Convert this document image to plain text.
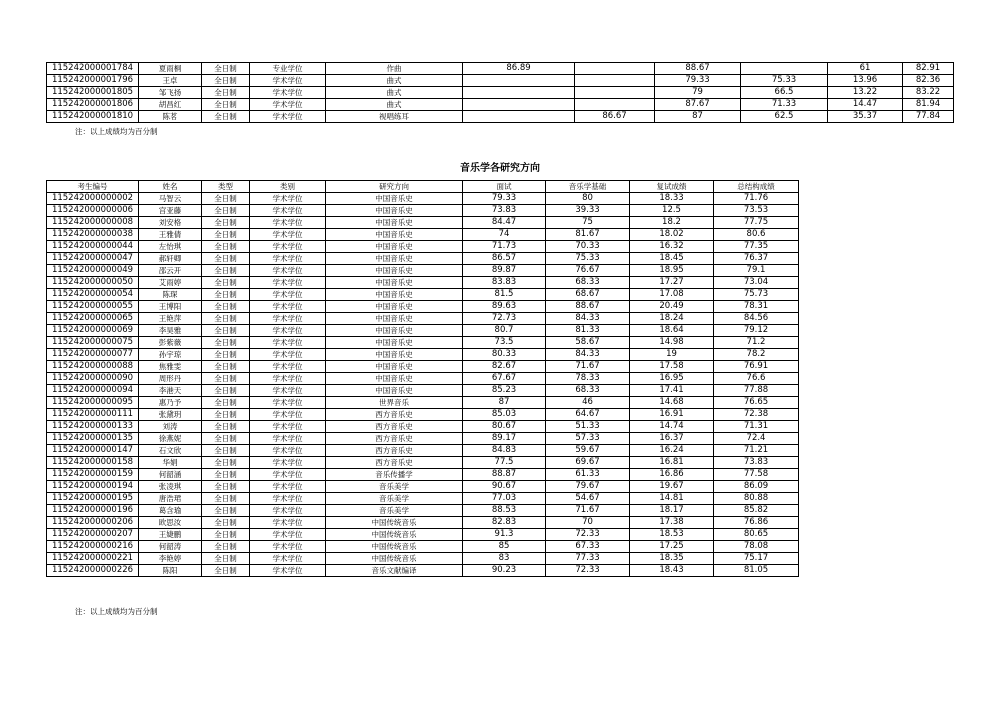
115242000001784	夏雨桐	全日制	专业学位	作曲	86.89		88.67		61	82.91
115242000001796	王卓	全日制	学术学位	曲式			79.33	75.33	13.96	82.36
115242000001805	邹飞扬	全日制	学术学位	曲式			79	66.5	13.22	83.22
115242000001806	胡昌红	全日制	学术学位	曲式			87.67	71.33	14.47	81.94
115242000001810	陈茗	全日制	学术学位	视唱练耳		86.67	87	62.5	35.37	77.84
注：以上成绩均为百分制
音乐学各研究方向
考生编号	姓名	类型	类别	研究方向	面试	音乐学基础	复试成绩	总结构成绩
115242000000002	马智云	全日制	学术学位	中国音乐史	79.33	80	18.33	71.76
115242000000006	宫亚藤	全日制	学术学位	中国音乐史	73.83	39.33	12.5	73.53
115242000000008	刘安格	全日制	学术学位	中国音乐史	84.47	75	18.2	77.75
115242000000038	王雅倩	全日制	学术学位	中国音乐史	74	81.67	18.02	80.6
115242000000044	左怡琪	全日制	学术学位	中国音乐史	71.73	70.33	16.32	77.35
115242000000047	郝轩卿	全日制	学术学位	中国音乐史	86.57	75.33	18.45	76.37
115242000000049	邵云开	全日制	学术学位	中国音乐史	89.87	76.67	18.95	79.1
115242000000050	艾雨婷	全日制	学术学位	中国音乐史	83.83	68.33	17.27	73.04
115242000000054	陈琛	全日制	学术学位	中国音乐史	81.5	68.67	17.08	75.73
115242000000055	王博阳	全日制	学术学位	中国音乐史	89.63	88.67	20.49	78.31
115242000000065	王艳萍	全日制	学术学位	中国音乐史	72.73	84.33	18.24	84.56
115242000000069	李昊雅	全日制	学术学位	中国音乐史	80.7	81.33	18.64	79.12
115242000000075	彭紫薇	全日制	学术学位	中国音乐史	73.5	58.67	14.98	71.2
115242000000077	孙宇琼	全日制	学术学位	中国音乐史	80.33	84.33	19	78.2
115242000000088	焦雅雯	全日制	学术学位	中国音乐史	82.67	71.67	17.58	76.91
115242000000090	周形丹	全日制	学术学位	中国音乐史	67.67	78.33	16.95	76.6
115242000000094	李港天	全日制	学术学位	中国音乐史	85.23	68.33	17.41	77.88
115242000000095	惠乃予	全日制	学术学位	世界音乐	87	46	14.68	76.65
115242000000111	张黛玥	全日制	学术学位	西方音乐史	85.03	64.67	16.91	72.38
115242000000133	刘涛	全日制	学术学位	西方音乐史	80.67	51.33	14.74	71.31
115242000000135	徐燕妮	全日制	学术学位	西方音乐史	89.17	57.33	16.37	72.4
115242000000147	石文欣	全日制	学术学位	西方音乐史	84.83	59.67	16.24	71.21
115242000000158	华娟	全日制	学术学位	西方音乐史	77.5	69.67	16.81	73.83
115242000000159	何韶涵	全日制	学术学位	音乐传播学	88.87	61.33	16.86	77.58
115242000000194	张凌琪	全日制	学术学位	音乐美学	90.67	79.67	19.67	86.09
115242000000195	唐浩珺	全日制	学术学位	音乐美学	77.03	54.67	14.81	80.88
115242000000196	葛含瑜	全日制	学术学位	音乐美学	88.53	71.67	18.17	85.82
115242000000206	欧思汝	全日制	学术学位	中国传统音乐	82.83	70	17.38	76.86
115242000000207	王婕鹏	全日制	学术学位	中国传统音乐	91.3	72.33	18.53	80.65
115242000000216	何韶涛	全日制	学术学位	中国传统音乐	85	67.33	17.25	78.08
115242000000221	李艳婷	全日制	学术学位	中国传统音乐	83	77.33	18.35	75.17
115242000000226	陈阳	全日制	学术学位	音乐文献编译	90.23	72.33	18.43	81.05
注：以上成绩均为百分制
